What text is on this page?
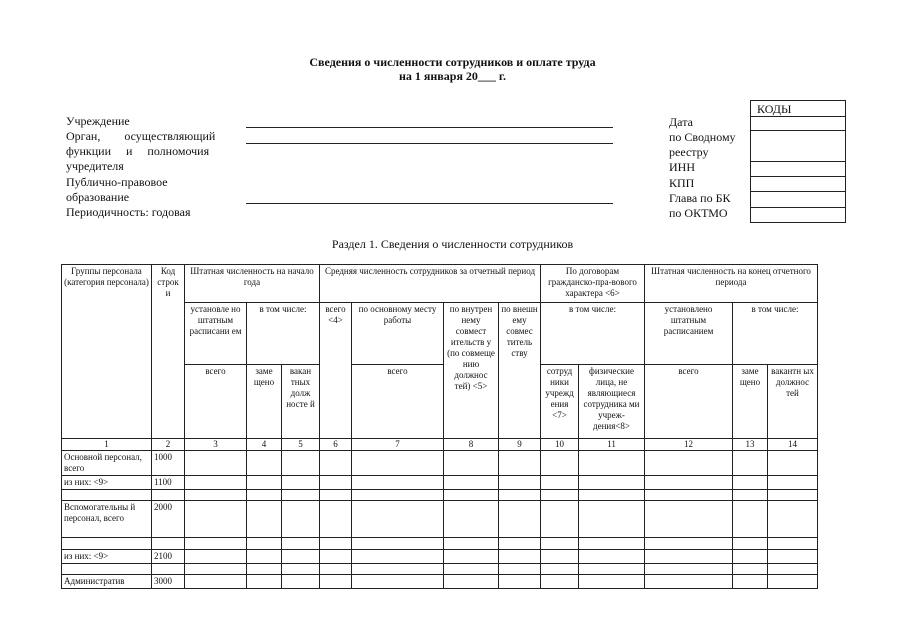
Сведения о численности сотрудников и оплате труда
на 1 января 20___ г.
Учреждение
Орган,        осуществляющий
функции     и     полномочия
учредителя
Публично-правовое
образование
Периодичность: годовая
Дата
по Сводному
реестру
ИНН
КПП
Глава по БК
по ОКТМО
КОДЫ
Раздел 1. Сведения о численности сотрудников
Группы персонала (категория персонала)	Код строк и	Штатная численность на начало года			Средняя численность сотрудников за отчетный период				По договорам гражданско-пра-вового характера <6>		Штатная численность на конец отчетного периода		
		установле но штатным расписани ем	в том числе:		всего <4>	по основному месту работы	по внутрен нему совмест ительств у (по совмеще нию должнос тей) <5>	по внешн ему совмес титель ству	в том числе:		установлено штатным расписанием	в том числе:	
		всего	заме щено	вакан тных долж носте й		всего			сотруд ники учрежд ения <7>	физические лица, не являющиеся сотрудника ми учреж-дения<8>	всего	заме щено	вакантн ых должнос тей
1	2	3	4	5	6	7	8	9	10	11	12	13	14
Основной персонал, всего	1000												
из них: <9>	1100												

Вспомогательны й персонал, всего	2000												

из них: <9>	2100												

Административ	3000												
